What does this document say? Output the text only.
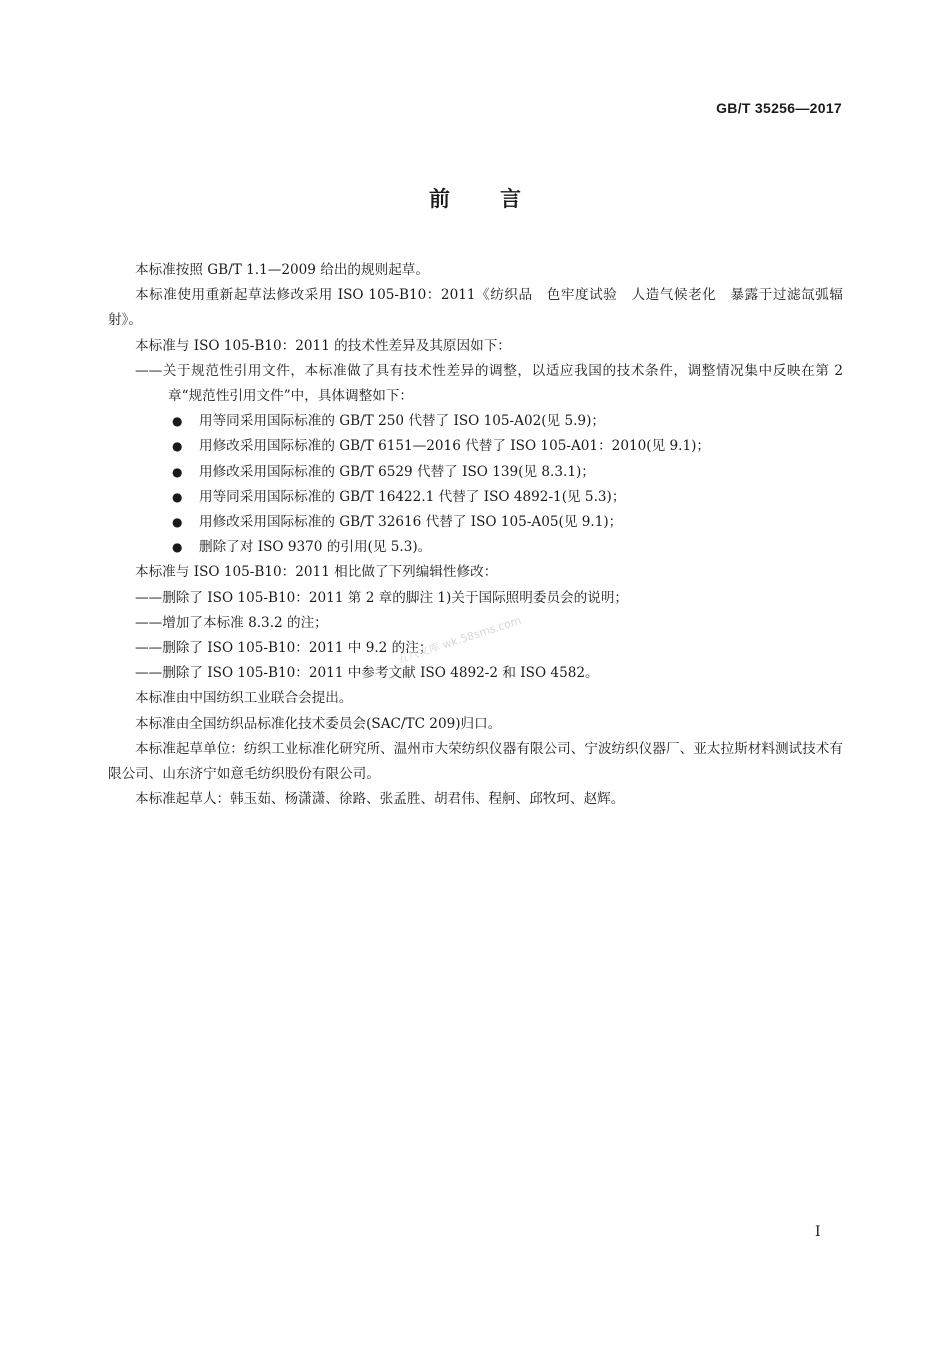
GB/T 35256—2017
前言

本标准按照 GB/T 1.1—2009 给出的规则起草。

本标准使用重新起草法修改采用 ISO 105-B10：2011《纺织品　色牢度试验　人造气候老化　暴露于过滤氙弧辐射》。

本标准与 ISO 105-B10：2011 的技术性差异及其原因如下：

——关于规范性引用文件，本标准做了具有技术性差异的调整，以适应我国的技术条件，调整情况集中反映在第 2 章“规范性引用文件”中，具体调整如下：

● 用等同采用国际标准的 GB/T 250 代替了 ISO 105-A02(见 5.9)；

● 用修改采用国际标准的 GB/T 6151—2016 代替了 ISO 105-A01：2010(见 9.1)；

● 用修改采用国际标准的 GB/T 6529 代替了 ISO 139(见 8.3.1)；

● 用等同采用国际标准的 GB/T 16422.1 代替了 ISO 4892-1(见 5.3)；

● 用修改采用国际标准的 GB/T 32616 代替了 ISO 105-A05(见 9.1)；

● 删除了对 ISO 9370 的引用(见 5.3)。

本标准与 ISO 105-B10：2011 相比做了下列编辑性修改：

——删除了 ISO 105-B10：2011 第 2 章的脚注 1)关于国际照明委员会的说明；

——增加了本标准 8.3.2 的注；

——删除了 ISO 105-B10：2011 中 9.2 的注；

——删除了 ISO 105-B10：2011 中参考文献 ISO 4892-2 和 ISO 4582。

本标准由中国纺织工业联合会提出。

本标准由全国纺织品标准化技术委员会(SAC/TC 209)归口。

本标准起草单位：纺织工业标准化研究所、温州市大荣纺织仪器有限公司、宁波纺织仪器厂、亚太拉斯材料测试技术有限公司、山东济宁如意毛纺织股份有限公司。

本标准起草人：韩玉茹、杨潇潇、徐路、张孟胜、胡君伟、程舸、邱牧珂、赵辉。

五八文库 wk.58sms.com
I
